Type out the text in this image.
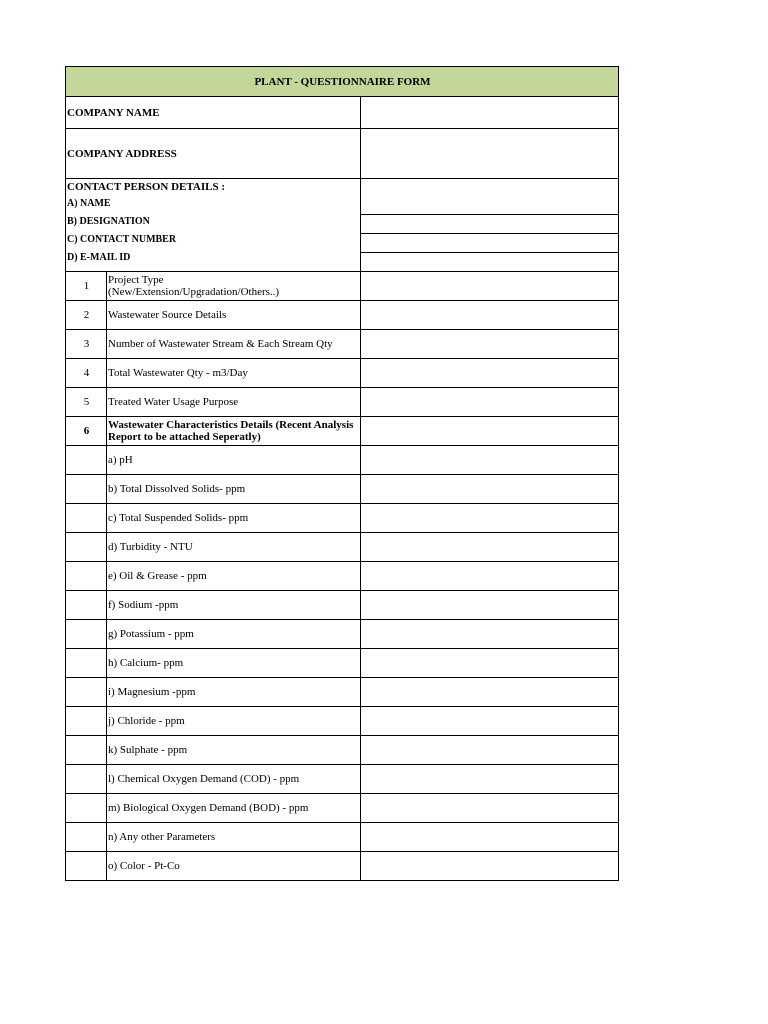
PLANT - QUESTIONNAIRE FORM		
COMPANY NAME		
COMPANY ADDRESS		

CONTACT PERSON DETAILS :
A) NAME
B) DESIGNATION
C) CONTACT NUMBER
D) E-MAIL ID		

1	Project Type
(New/Extension/Upgradation/Others..)	
2	Wastewater Source Details	
3	Number of Wastewater Stream & Each Stream Qty	
4	Total Wastewater Qty - m3/Day	
5	Treated Water Usage Purpose	
6	Wastewater Characteristics Details (Recent Analysis
Report to be attached Seperatly)	
	a) pH	
	b) Total Dissolved Solids- ppm	
	c) Total Suspended Solids- ppm	
	d) Turbidity - NTU	
	e) Oil & Grease - ppm	
	f) Sodium -ppm	
	g) Potassium - ppm	
	h) Calcium- ppm	
	i) Magnesium -ppm	
	j) Chloride - ppm	
	k) Sulphate - ppm	
	l) Chemical Oxygen Demand (COD) - ppm	
	m) Biological Oxygen Demand (BOD) - ppm	
	n) Any other Parameters	
	o) Color - Pt-Co	
